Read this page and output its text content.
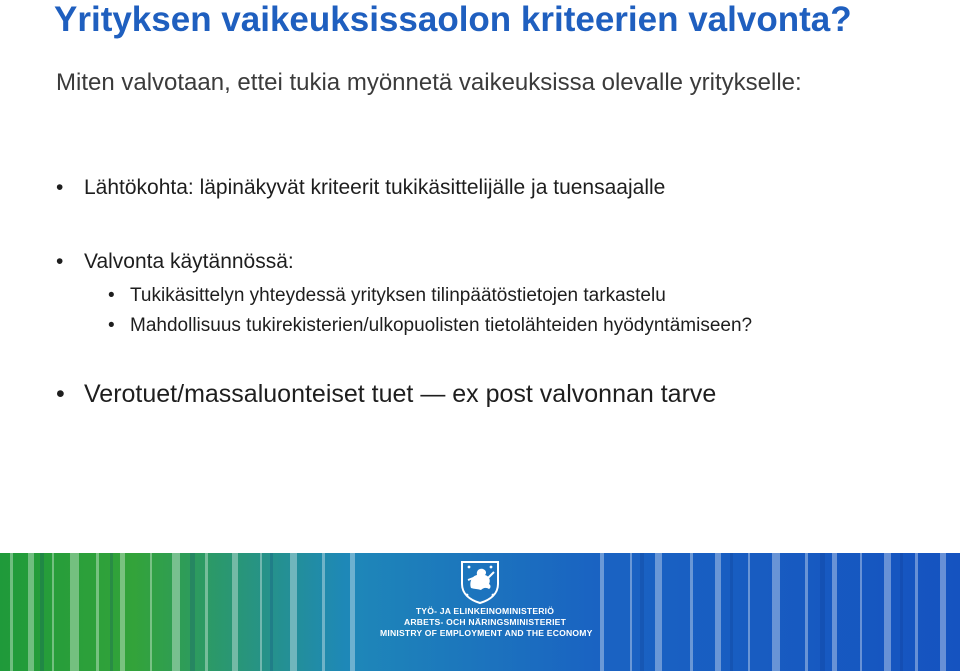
Yrityksen vaikeuksissaolon kriteerien valvonta?
Miten valvotaan, ettei tukia myönnetä vaikeuksissa olevalle yritykselle:
• Lähtökohta: läpinäkyvät kriteerit tukikäsittelijälle ja tuensaajalle
• Valvonta käytännössä:
• Tukikäsittelyn yhteydessä yrityksen tilinpäätöstietojen tarkastelu
• Mahdollisuus tukirekisterien/ulkopuolisten tietolähteiden hyödyntämiseen?
• Verotuet/massaluonteiset tuet — ex post valvonnan tarve
TYÖ- JA ELINKEINOMINISTERIÖ
ARBETS- OCH NÄRINGSMINISTERIET
MINISTRY OF EMPLOYMENT AND THE ECONOMY
